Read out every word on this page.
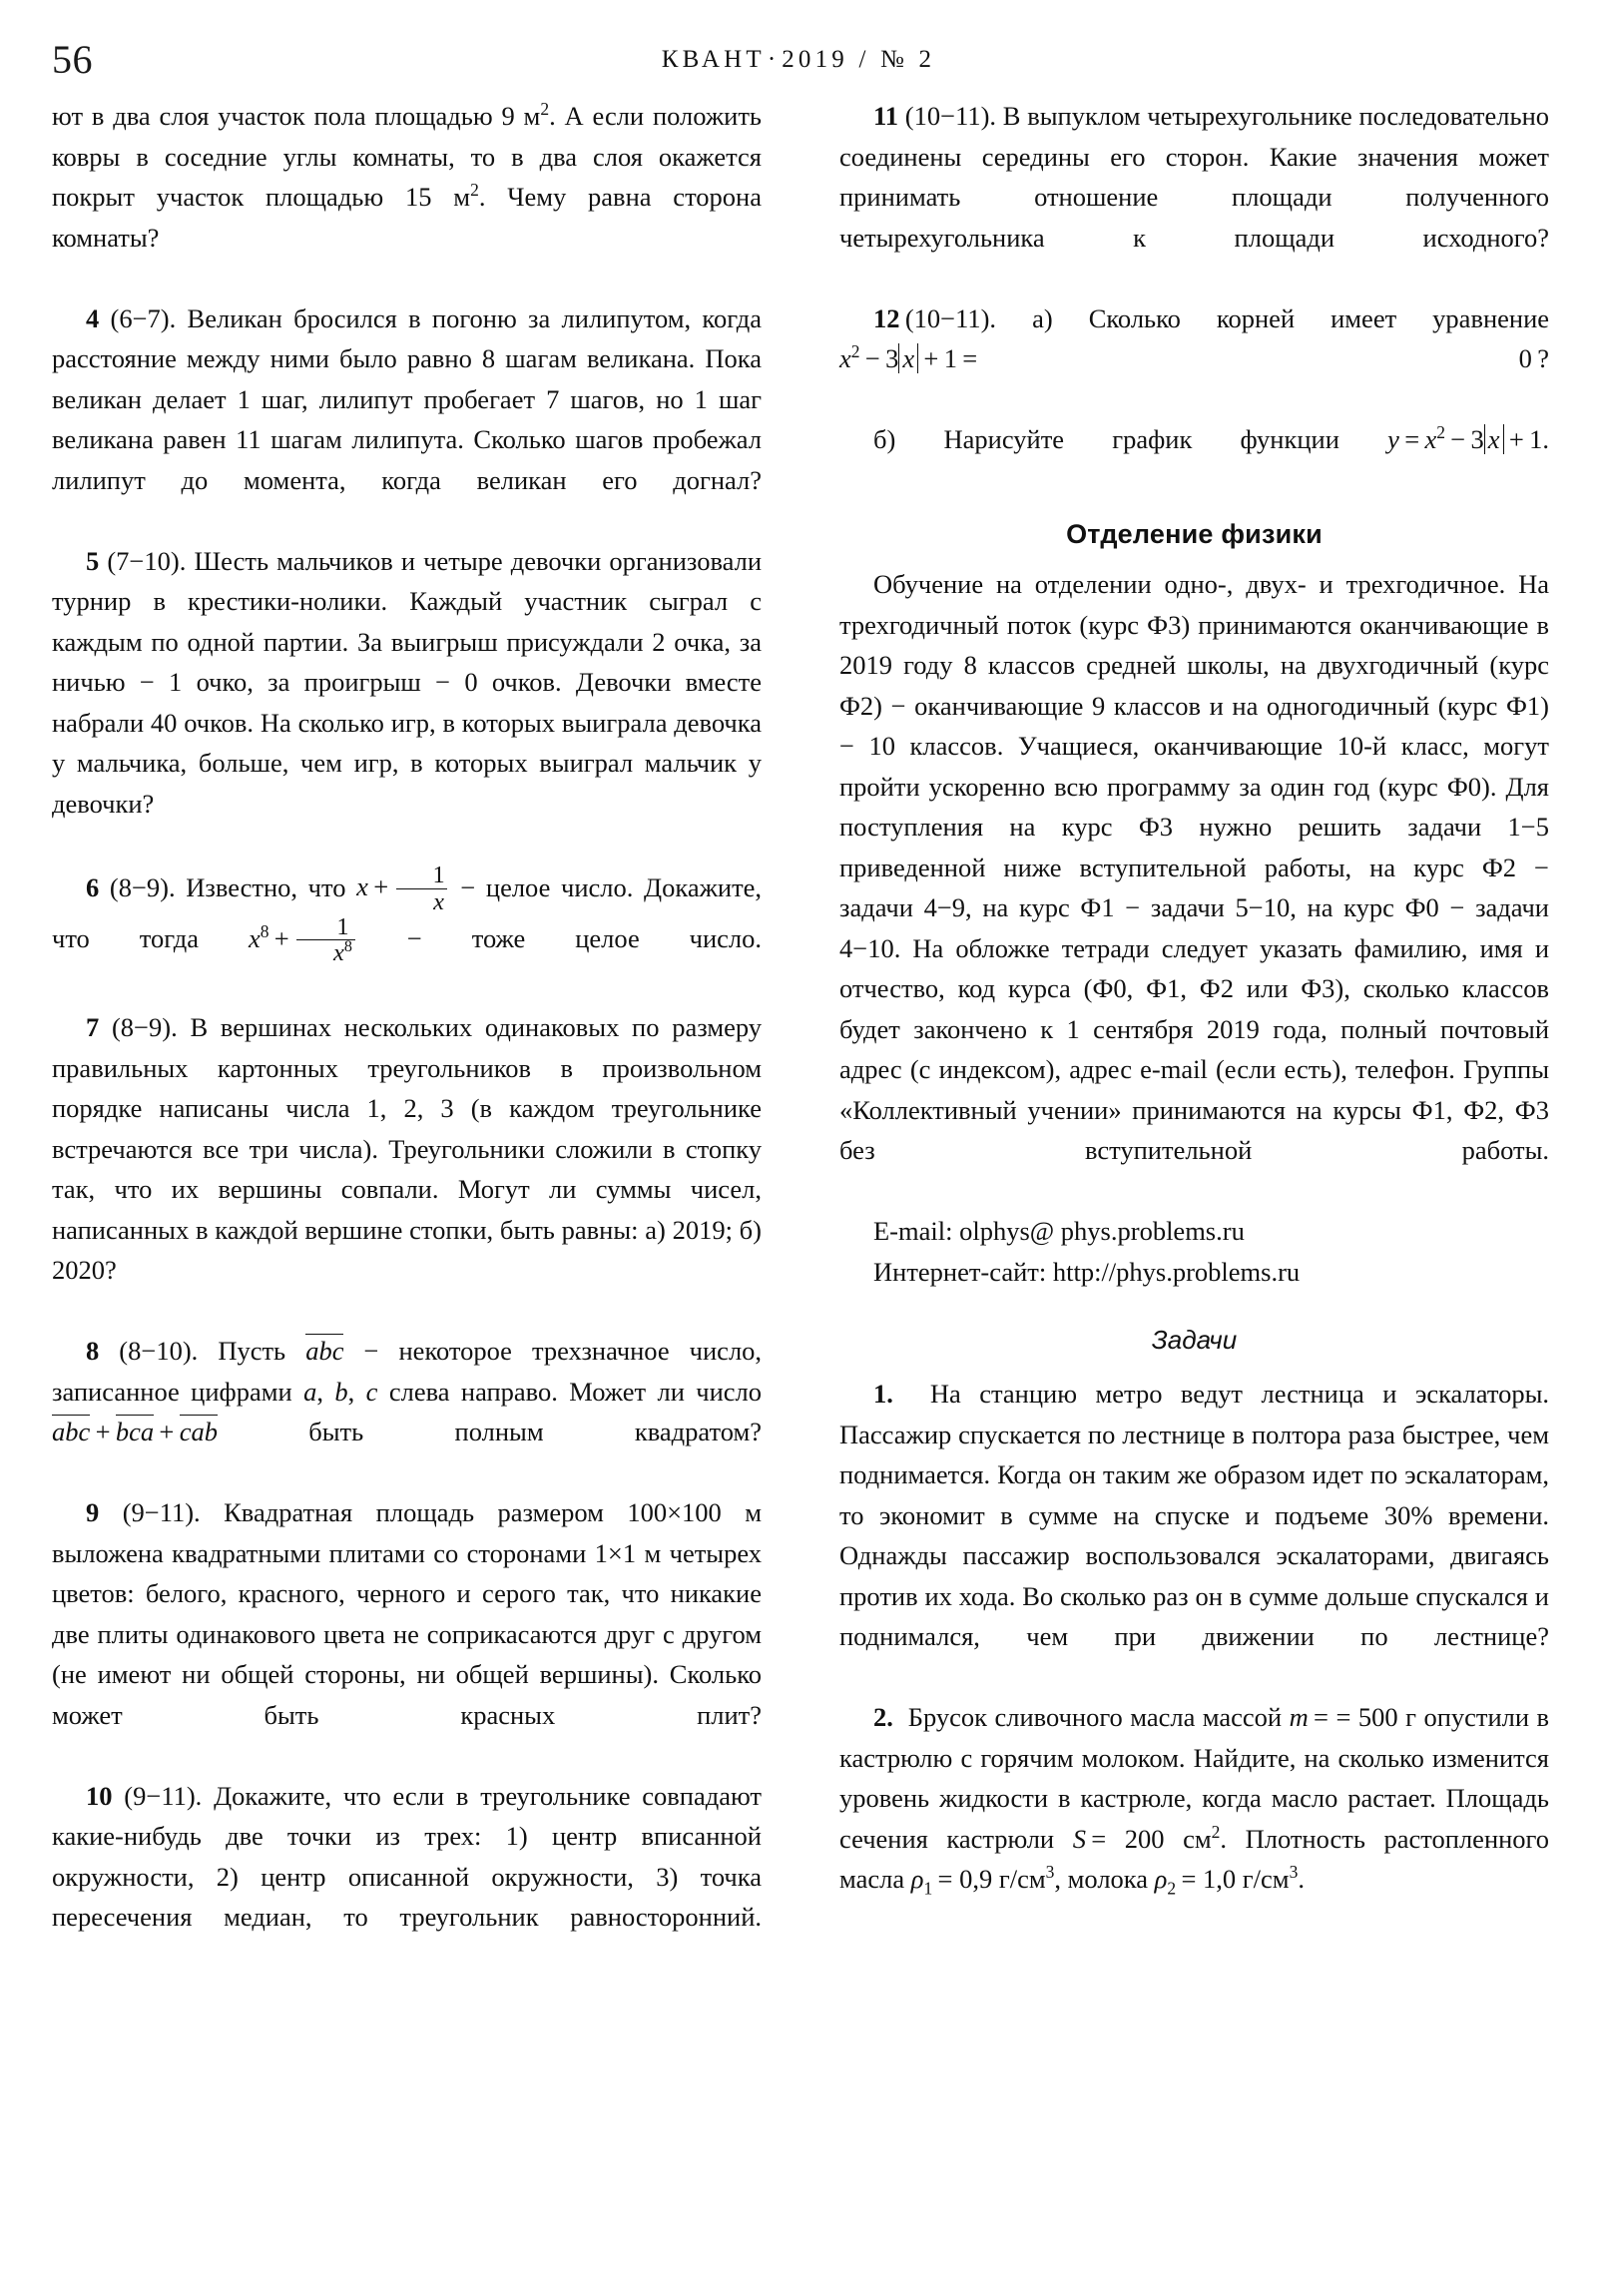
56	КВАНТ·2019 / № 2

ют в два слоя участок пола площадью 9 $м^2$. А если положить ковры в соседние углы комнаты, то в два слоя окажется покрыт участок площадью 15 $м^2$. Чему равна сторона комнаты?

4 (6−7). Великан бросился в погоню за лилипутом, когда расстояние между ними было равно 8 шагам великана. Пока великан делает 1 шаг, лилипут пробегает 7 шагов, но 1 шаг великана равен 11 шагам лилипута. Сколько шагов пробежал лилипут до момента, когда великан его догнал?

5 (7−10). Шесть мальчиков и четыре девочки организовали турнир в крестики-нолики. Каждый участник сыграл с каждым по одной партии. За выигрыш присуждали 2 очка, за ничью − 1 очко, за проигрыш − 0 очков. Девочки вместе набрали 40 очков. На сколько игр, в которых выиграла девочка у мальчика, больше, чем игр, в которых выиграл мальчик у девочки?

6 (8−9). Известно, что $x + \frac{1}{x}$ − целое число. Докажите, что тогда $x^8 + \frac{1}{x^8}$ − тоже целое число.

7 (8−9). В вершинах нескольких одинаковых по размеру правильных картонных треугольников в произвольном порядке написаны числа 1, 2, 3 (в каждом треугольнике встречаются все три числа). Треугольники сложили в стопку так, что их вершины совпали. Могут ли суммы чисел, написанных в каждой вершине стопки, быть равны: а) 2019; б) 2020?

8 (8−10). Пусть abc − некоторое трехзначное число, записанное цифрами a, b, c слева направо. Может ли число abc  +  bca  +  cab	быть полным квадратом?

9 (9−11). Квадратная площадь размером 100×100 м выложена квадратными плитами со сторонами 1×1 м четырех цветов: белого, красного, черного и серого так, что никакие две плиты одинакового цвета не соприкасаются друг с другом (не имеют ни общей стороны, ни общей вершины). Сколько может быть красных плит?

10 (9−11). Докажите, что если в треугольнике совпадают какие-нибудь две точки из трех: 1) центр вписанной окружности, 2) центр описанной окружности, 3) точка пересечения медиан, то треугольник равносторонний.

11 (10−11). В выпуклом четырехугольнике последовательно соединены середины его сторон. Какие значения может принимать отношение площади полученного четырехугольника к площади исходного?

12  (10−11). а) Сколько корней имеет уравнение $x^2 - 3$ x  +  1  = 0  ?

б) Нарисуйте график функции $y = x^2 - 3$ x  +  1.

Отделение физики

Обучение на отделении одно-, двух- и трехгодичное. На трехгодичный поток (курс Ф3) принимаются оканчивающие в 2019 году 8 классов средней школы, на двухгодичный (курс Ф2) − оканчивающие 9 классов и на одногодичный (курс Ф1) − 10 классов. Учащиеся, оканчивающие 10-й класс, могут пройти ускоренно всю программу за один год (курс Ф0). Для поступления на курс Ф3 нужно решить задачи 1−5 приведенной ниже вступительной работы, на курс Ф2 − задачи 4−9, на курс Ф1 − задачи 5−10, на курс Ф0 − задачи 4−10. На обложке тетради следует указать фамилию, имя и отчество, код курса (Ф0, Ф1, Ф2 или Ф3), сколько классов будет закончено к 1 сентября 2019 года, полный почтовый адрес (с индексом), адрес e-mail (если есть), телефон. Группы «Коллективный учении» принимаются на курсы Ф1, Ф2, Ф3 без вступительной работы.

E-mail: olphys@ phys.problems.ru

Интернет-сайт: http://phys.problems.ru

Задачи

1. На станцию метро ведут лестница и эскалаторы. Пассажир спускается по лестнице в полтора раза быстрее, чем поднимается. Когда он таким же образом идет по эскалаторам, то экономит в сумме на спуске и подъеме 30% времени. Однажды пассажир воспользовался эскалаторами, двигаясь против их хода. Во сколько раз он в сумме дольше спускался и поднимался, чем при движении по лестнице?

2. Брусок сливочного масла массой m  = = 500 г опустили в кастрюлю с горячим молоком. Найдите, на сколько изменится уровень жидкости в кастрюле, когда масло растает. Площадь сечения кастрюли S  = 200 $см^2$. Плотность растопленного масла $\rho_1 = 0,9$ $г/см^3$, молока $\rho_2 = 1,0$ $г/см^3$.
